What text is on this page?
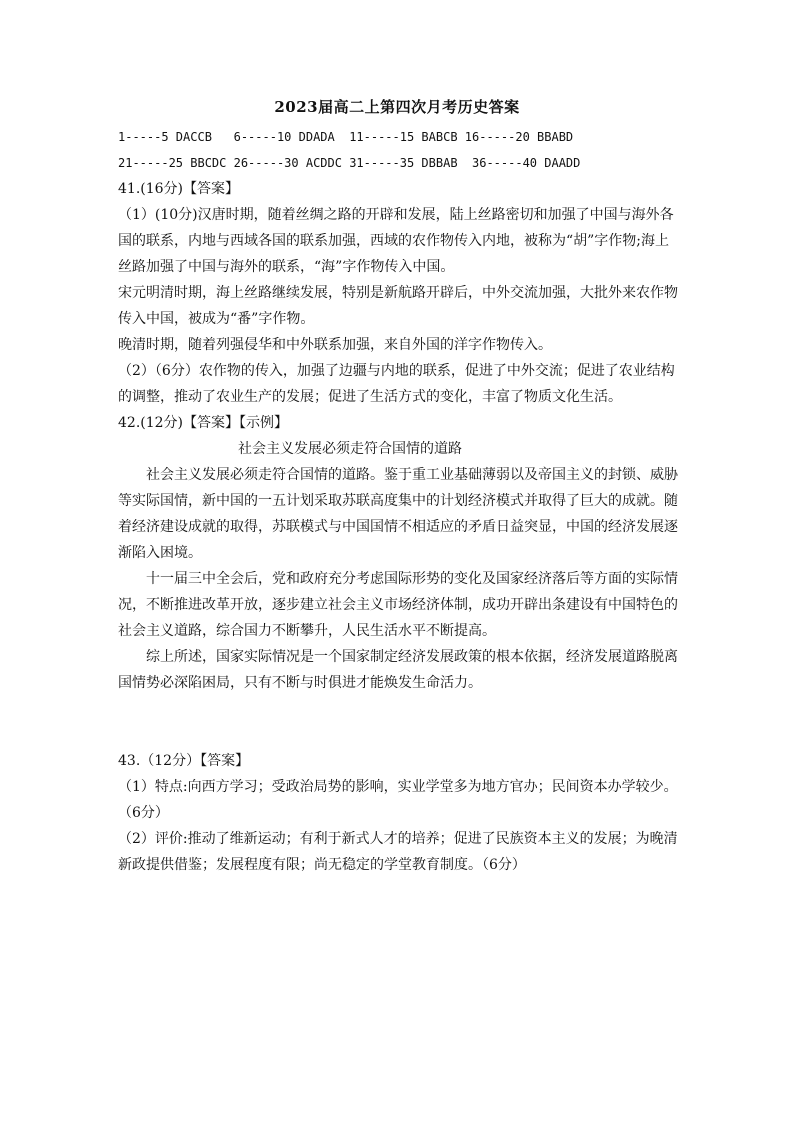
2023届高二上第四次月考历史答案
1-----5 DACCB   6-----10 DDADA  11-----15 BABCB 16-----20 BBABD
21-----25 BBCDC 26-----30 ACDDC 31-----35 DBBAB  36-----40 DAADD

41.(16分)【答案】

（1）(10分)汉唐时期，随着丝绸之路的开辟和发展，陆上丝路密切和加强了中国与海外各国的联系，内地与西域各国的联系加强，西域的农作物传入内地，被称为“胡”字作物;海上丝路加强了中国与海外的联系，“海”字作物传入中国。

宋元明清时期，海上丝路继续发展，特别是新航路开辟后，中外交流加强，大批外来农作物传入中国，被成为“番”字作物。

晚清时期，随着列强侵华和中外联系加强，来自外国的洋字作物传入。

（2）（6分）农作物的传入，加强了边疆与内地的联系，促进了中外交流；促进了农业结构的调整，推动了农业生产的发展；促进了生活方式的变化，丰富了物质文化生活。

42.(12分)【答案】【示例】

社会主义发展必须走符合国情的道路

社会主义发展必须走符合国情的道路。鉴于重工业基础薄弱以及帝国主义的封锁、威胁等实际国情，新中国的一五计划采取苏联高度集中的计划经济模式并取得了巨大的成就。随着经济建设成就的取得，苏联模式与中国国情不相适应的矛盾日益突显，中国的经济发展逐渐陷入困境。

十一届三中全会后，党和政府充分考虑国际形势的变化及国家经济落后等方面的实际情况，不断推进改革开放，逐步建立社会主义市场经济体制，成功开辟出条建设有中国特色的社会主义道路，综合国力不断攀升，人民生活水平不断提高。

综上所述，国家实际情况是一个国家制定经济发展政策的根本依据，经济发展道路脱离国情势必深陷困局，只有不断与时俱进才能焕发生命活力。

43.（12分）【答案】

（1）特点:向西方学习；受政治局势的影响，实业学堂多为地方官办；民间资本办学较少。（6分）

（2）评价:推动了维新运动；有利于新式人才的培养；促进了民族资本主义的发展；为晚清新政提供借鉴；发展程度有限；尚无稳定的学堂教育制度。（6分）
